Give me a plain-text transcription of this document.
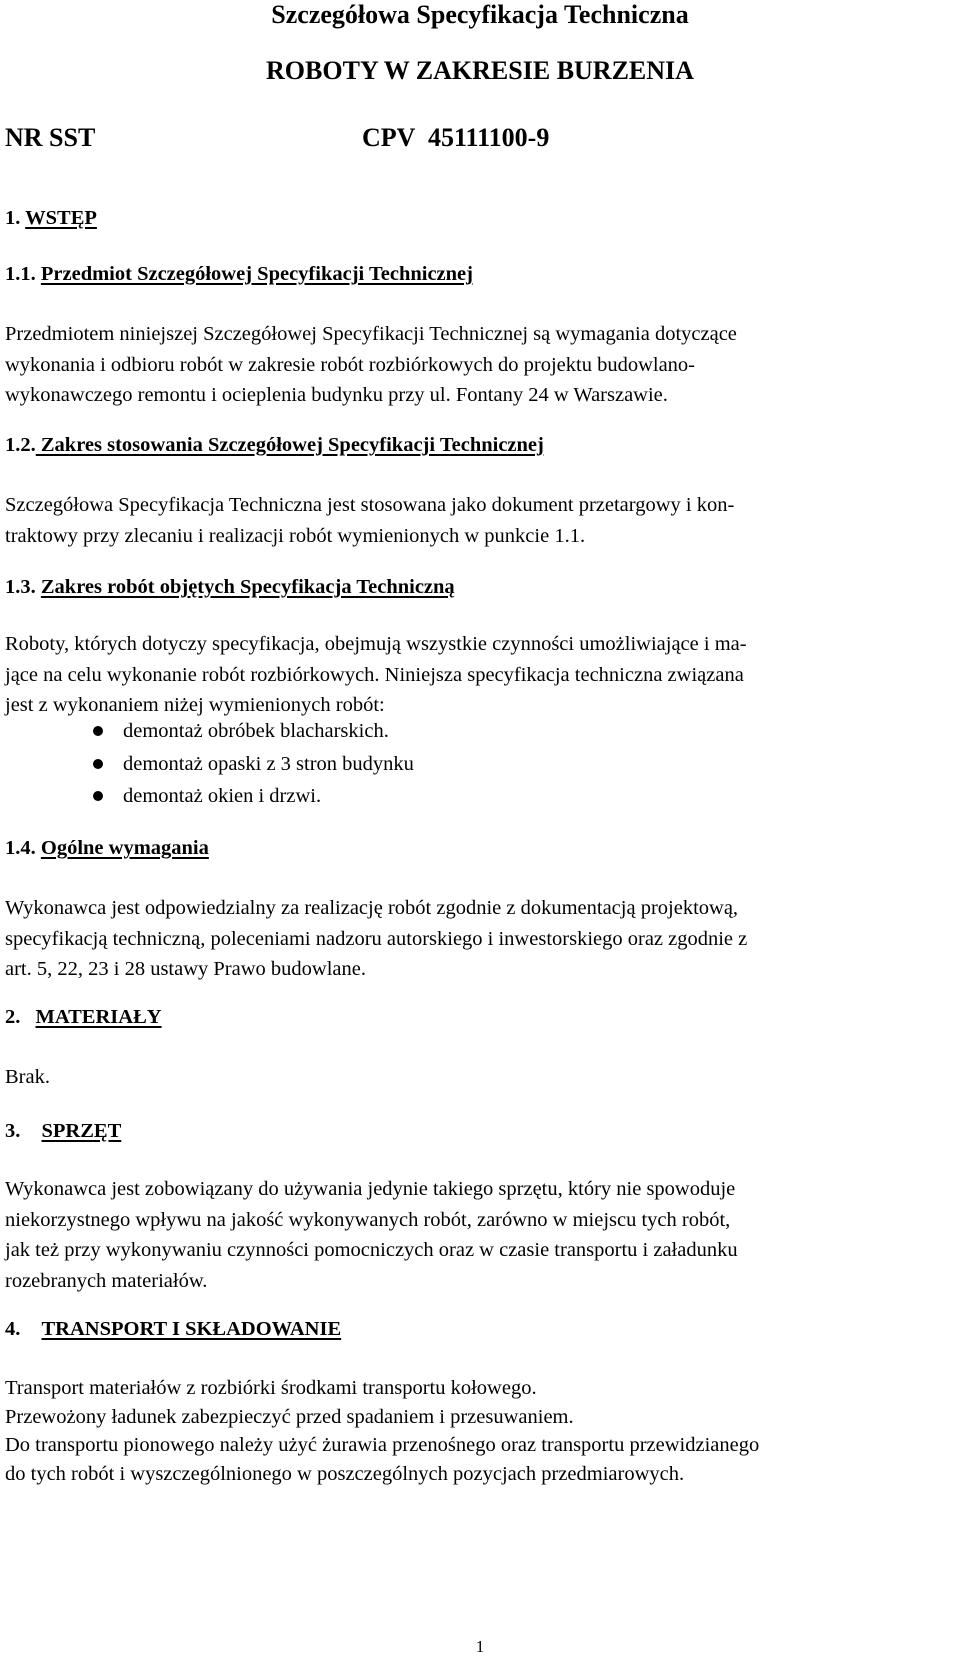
Szczegółowa Specyfikacja Techniczna
ROBOTY W ZAKRESIE BURZENIA
NR SST	CPV  45111100-9
1. WSTĘP
1.1. Przedmiot Szczegółowej Specyfikacji Technicznej
Przedmiotem niniejszej Szczegółowej Specyfikacji Technicznej są wymagania dotyczące
wykonania i odbioru robót w zakresie robót rozbiórkowych do projektu budowlano-
wykonawczego remontu i ocieplenia budynku przy ul. Fontany 24 w Warszawie.
1.2. Zakres stosowania Szczegółowej Specyfikacji Technicznej
Szczegółowa Specyfikacja Techniczna jest stosowana jako dokument przetargowy i kon-
traktowy przy zlecaniu i realizacji robót wymienionych w punkcie 1.1.
1.3. Zakres robót objętych Specyfikacja Techniczną
Roboty, których dotyczy specyfikacja, obejmują wszystkie czynności umożliwiające i ma-
jące na celu wykonanie robót rozbiórkowych. Niniejsza specyfikacja techniczna związana
jest z wykonaniem niżej wymienionych robót:
demontaż obróbek blacharskich.
demontaż opaski z 3 stron budynku
demontaż okien i drzwi.
1.4. Ogólne wymagania
Wykonawca jest odpowiedzialny za realizację robót zgodnie z dokumentacją projektową,
specyfikacją techniczną, poleceniami nadzoru autorskiego i inwestorskiego oraz zgodnie z
art. 5, 22, 23 i 28 ustawy Prawo budowlane.
2. MATERIAŁY
Brak.
3. SPRZĘT
Wykonawca jest zobowiązany do używania jedynie takiego sprzętu, który nie spowoduje
niekorzystnego wpływu na jakość wykonywanych robót, zarówno w miejscu tych robót,
jak też przy wykonywaniu czynności pomocniczych oraz w czasie transportu i załadunku
rozebranych materiałów.
4. TRANSPORT I SKŁADOWANIE
Transport materiałów z rozbiórki środkami transportu kołowego.
Przewożony ładunek zabezpieczyć przed spadaniem i przesuwaniem.
Do transportu pionowego należy użyć żurawia przenośnego oraz transportu przewidzianego
do tych robót i wyszczególnionego w poszczególnych pozycjach przedmiarowych.
1
